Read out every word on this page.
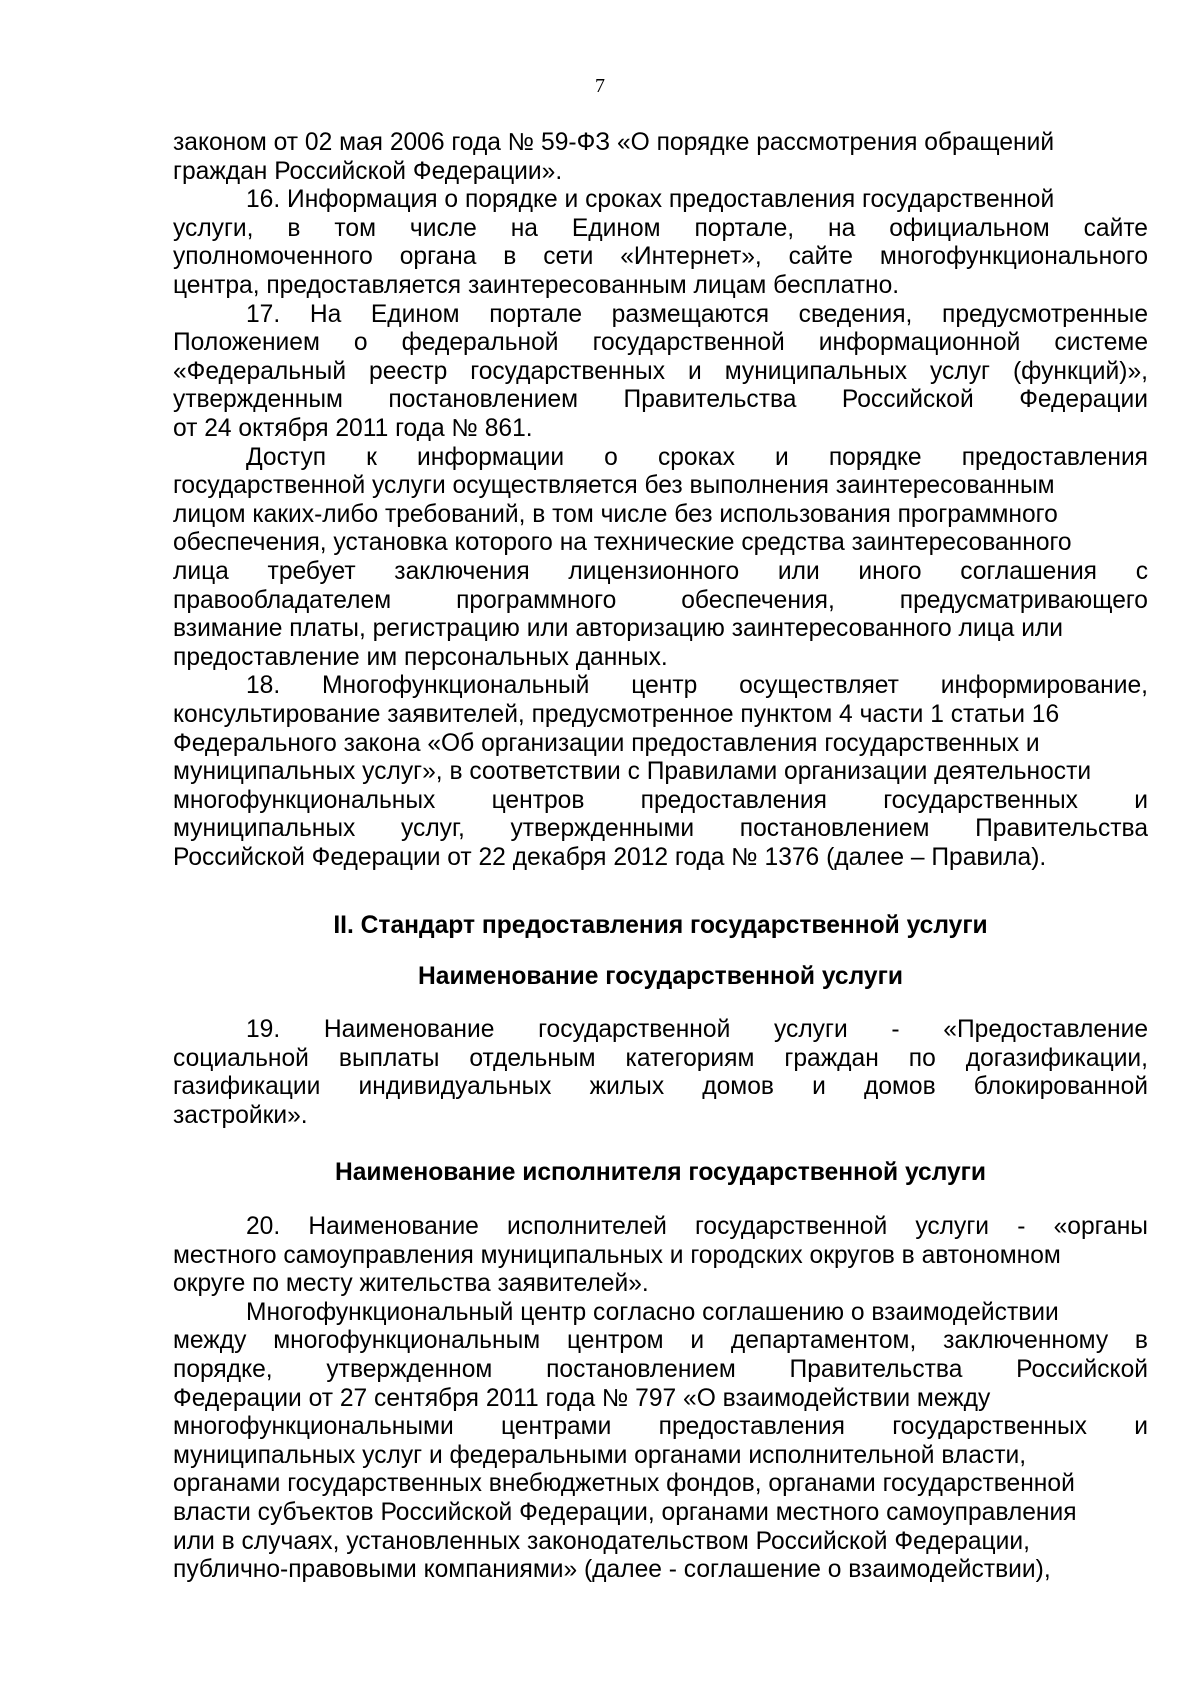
7
законом от 02 мая 2006 года № 59-ФЗ «О порядке рассмотрения обращений
граждан Российской Федерации».
16. Информация о порядке и сроках предоставления государственной
услуги, в том числе на Едином портале, на официальном сайте
уполномоченного органа в сети «Интернет», сайте многофункционального
центра, предоставляется заинтересованным лицам бесплатно.
17. На Едином портале размещаются сведения, предусмотренные
Положением о федеральной государственной информационной системе
«Федеральный реестр государственных и муниципальных услуг (функций)»,
утвержденным постановлением Правительства Российской Федерации
от 24 октября 2011 года № 861.
Доступ к информации о сроках и порядке предоставления
государственной услуги осуществляется без выполнения заинтересованным
лицом каких-либо требований, в том числе без использования программного
обеспечения, установка которого на технические средства заинтересованного
лица требует заключения лицензионного или иного соглашения с
правообладателем программного обеспечения, предусматривающего
взимание платы, регистрацию или авторизацию заинтересованного лица или
предоставление им персональных данных.
18. Многофункциональный центр осуществляет информирование,
консультирование заявителей, предусмотренное пунктом 4 части 1 статьи 16
Федерального закона «Об организации предоставления государственных и
муниципальных услуг», в соответствии с Правилами организации деятельности
многофункциональных центров предоставления государственных и
муниципальных услуг, утвержденными постановлением Правительства
Российской Федерации от 22 декабря 2012 года № 1376 (далее – Правила).
II. Стандарт предоставления государственной услуги
Наименование государственной услуги
19. Наименование государственной услуги - «Предоставление
социальной выплаты отдельным категориям граждан по догазификации,
газификации индивидуальных жилых домов и домов блокированной
застройки».
Наименование исполнителя государственной услуги
20. Наименование исполнителей государственной услуги - «органы
местного самоуправления муниципальных и городских округов в автономном
округе по месту жительства заявителей».
Многофункциональный центр согласно соглашению о взаимодействии
между многофункциональным центром и департаментом, заключенному в
порядке, утвержденном постановлением Правительства Российской
Федерации от 27 сентября 2011 года № 797 «О взаимодействии между
многофункциональными центрами предоставления государственных и
муниципальных услуг и федеральными органами исполнительной власти,
органами государственных внебюджетных фондов, органами государственной
власти субъектов Российской Федерации, органами местного самоуправления
или в случаях, установленных законодательством Российской Федерации,
публично-правовыми компаниями» (далее - соглашение о взаимодействии),
